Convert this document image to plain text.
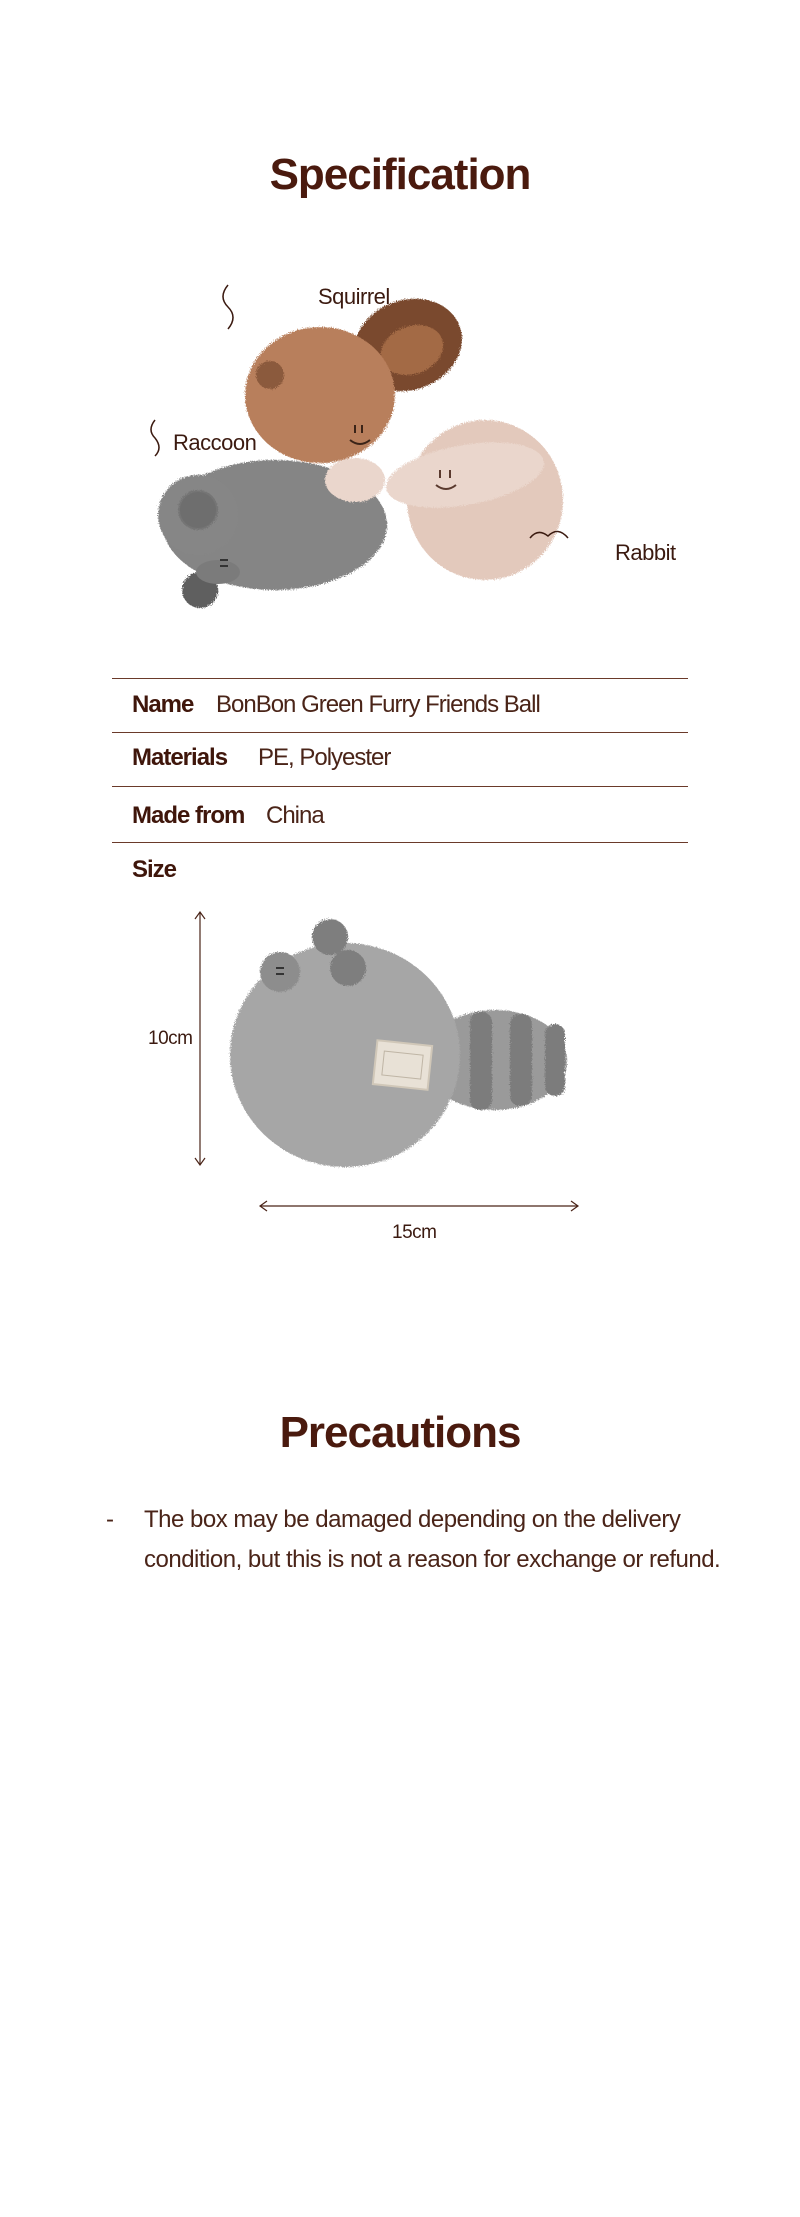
Specification
Squirrel
Raccoon
Rabbit
Name BonBon Green Furry Friends Ball
Materials PE, Polyester
Made from China
Size
10cm
15cm
Precautions
- The box may be damaged depending on the delivery
condition, but this is not a reason for exchange or refund.
